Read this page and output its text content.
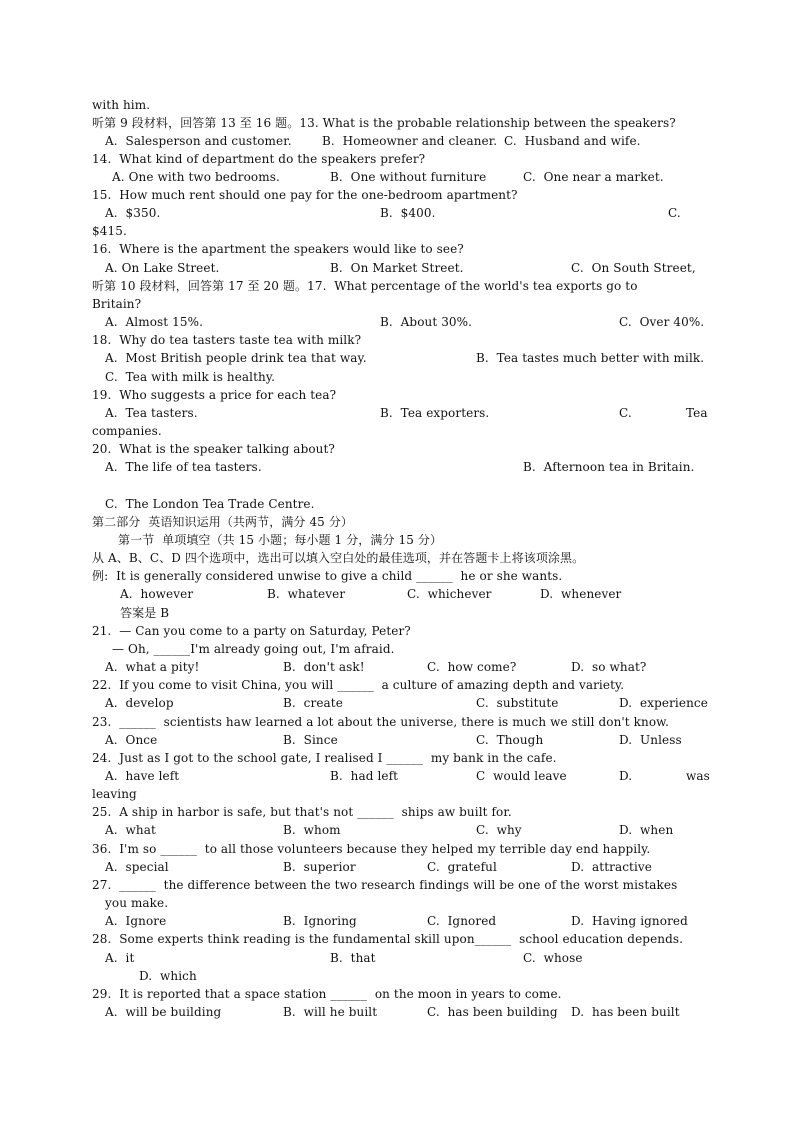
with him.
听第 9 段材料，回答第 13 至 16 题。13. What is the probable relationship between the speakers?
A.  Salesperson and customer.	B.  Homeowner and cleaner. C.  Husband and wife.
14.  What kind of department do the speakers prefer?
A. One with two bedrooms.	B.  One without furniture	C.  One near a market.
15.  How much rent should one pay for the one-bedroom apartment?
A.  $350.	B.  $400.	C.
$415.
16.  Where is the apartment the speakers would like to see?
A. On Lake Street.	B.  On Market Street.	C.  On South Street,
听第 10 段材料，回答第 17 至 20 题。17.  What percentage of the world's tea exports go to
Britain?
A.  Almost 15%.	B.  About 30%.	C.  Over 40%.
18.  Why do tea tasters taste tea with milk?
A.  Most British people drink tea that way.	B.  Tea tastes much better with milk.
C.  Tea with milk is healthy.
19.  Who suggests a price for each tea?
A.  Tea tasters.	B.  Tea exporters.	C.	Tea
companies.
20.  What is the speaker talking about?
A.  The life of tea tasters.	B.  Afternoon tea in Britain.
C.  The London Tea Trade Centre.
第二部分  英语知识运用（共两节，满分 45 分）
第一节  单项填空（共 15 小题；每小题 1 分，满分 15 分）
从 A、B、C、D 四个选项中，选出可以填入空白处的最佳选项，并在答题卡上将该项涂黑。
例:  It is generally considered unwise to give a child ______  he or she wants.
A.  however	B.  whatever	C.  whichever	D.  whenever
答案是 B
21.  — Can you come to a party on Saturday, Peter?
— Oh, ______I'm already going out, I'm afraid.
A.  what a pity!	B.  don't ask!	C.  how come?	D.  so what?
22.  If you come to visit China, you will ______  a culture of amazing depth and variety.
A.  develop	B.  create	C.  substitute	D.  experience
23.  ______  scientists haw learned a lot about the universe, there is much we still don't know.
A.  Once	B.  Since	C.  Though	D.  Unless
24.  Just as I got to the school gate, I realised I ______  my bank in the cafe.
A.  have left	B.  had left	C  would leave	D.	was
leaving
25.  A ship in harbor is safe, but that's not ______  ships aw built for.
A.  what	B.  whom	C.  why	D.  when
36.  I'm so ______  to all those volunteers because they helped my terrible day end happily.
A.  special	B.  superior	C.  grateful	D.  attractive
27.  ______  the difference between the two research findings will be one of the worst mistakes
you make.
A.  Ignore	B.  Ignoring	C.  Ignored	D.  Having ignored
28.  Some experts think reading is the fundamental skill upon______  school education depends.
A.  it	B.  that	C.  whose
D.  which
29.  It is reported that a space station ______  on the moon in years to come.
A.  will be building	B.  will he built	C.  has been building D.  has been built
